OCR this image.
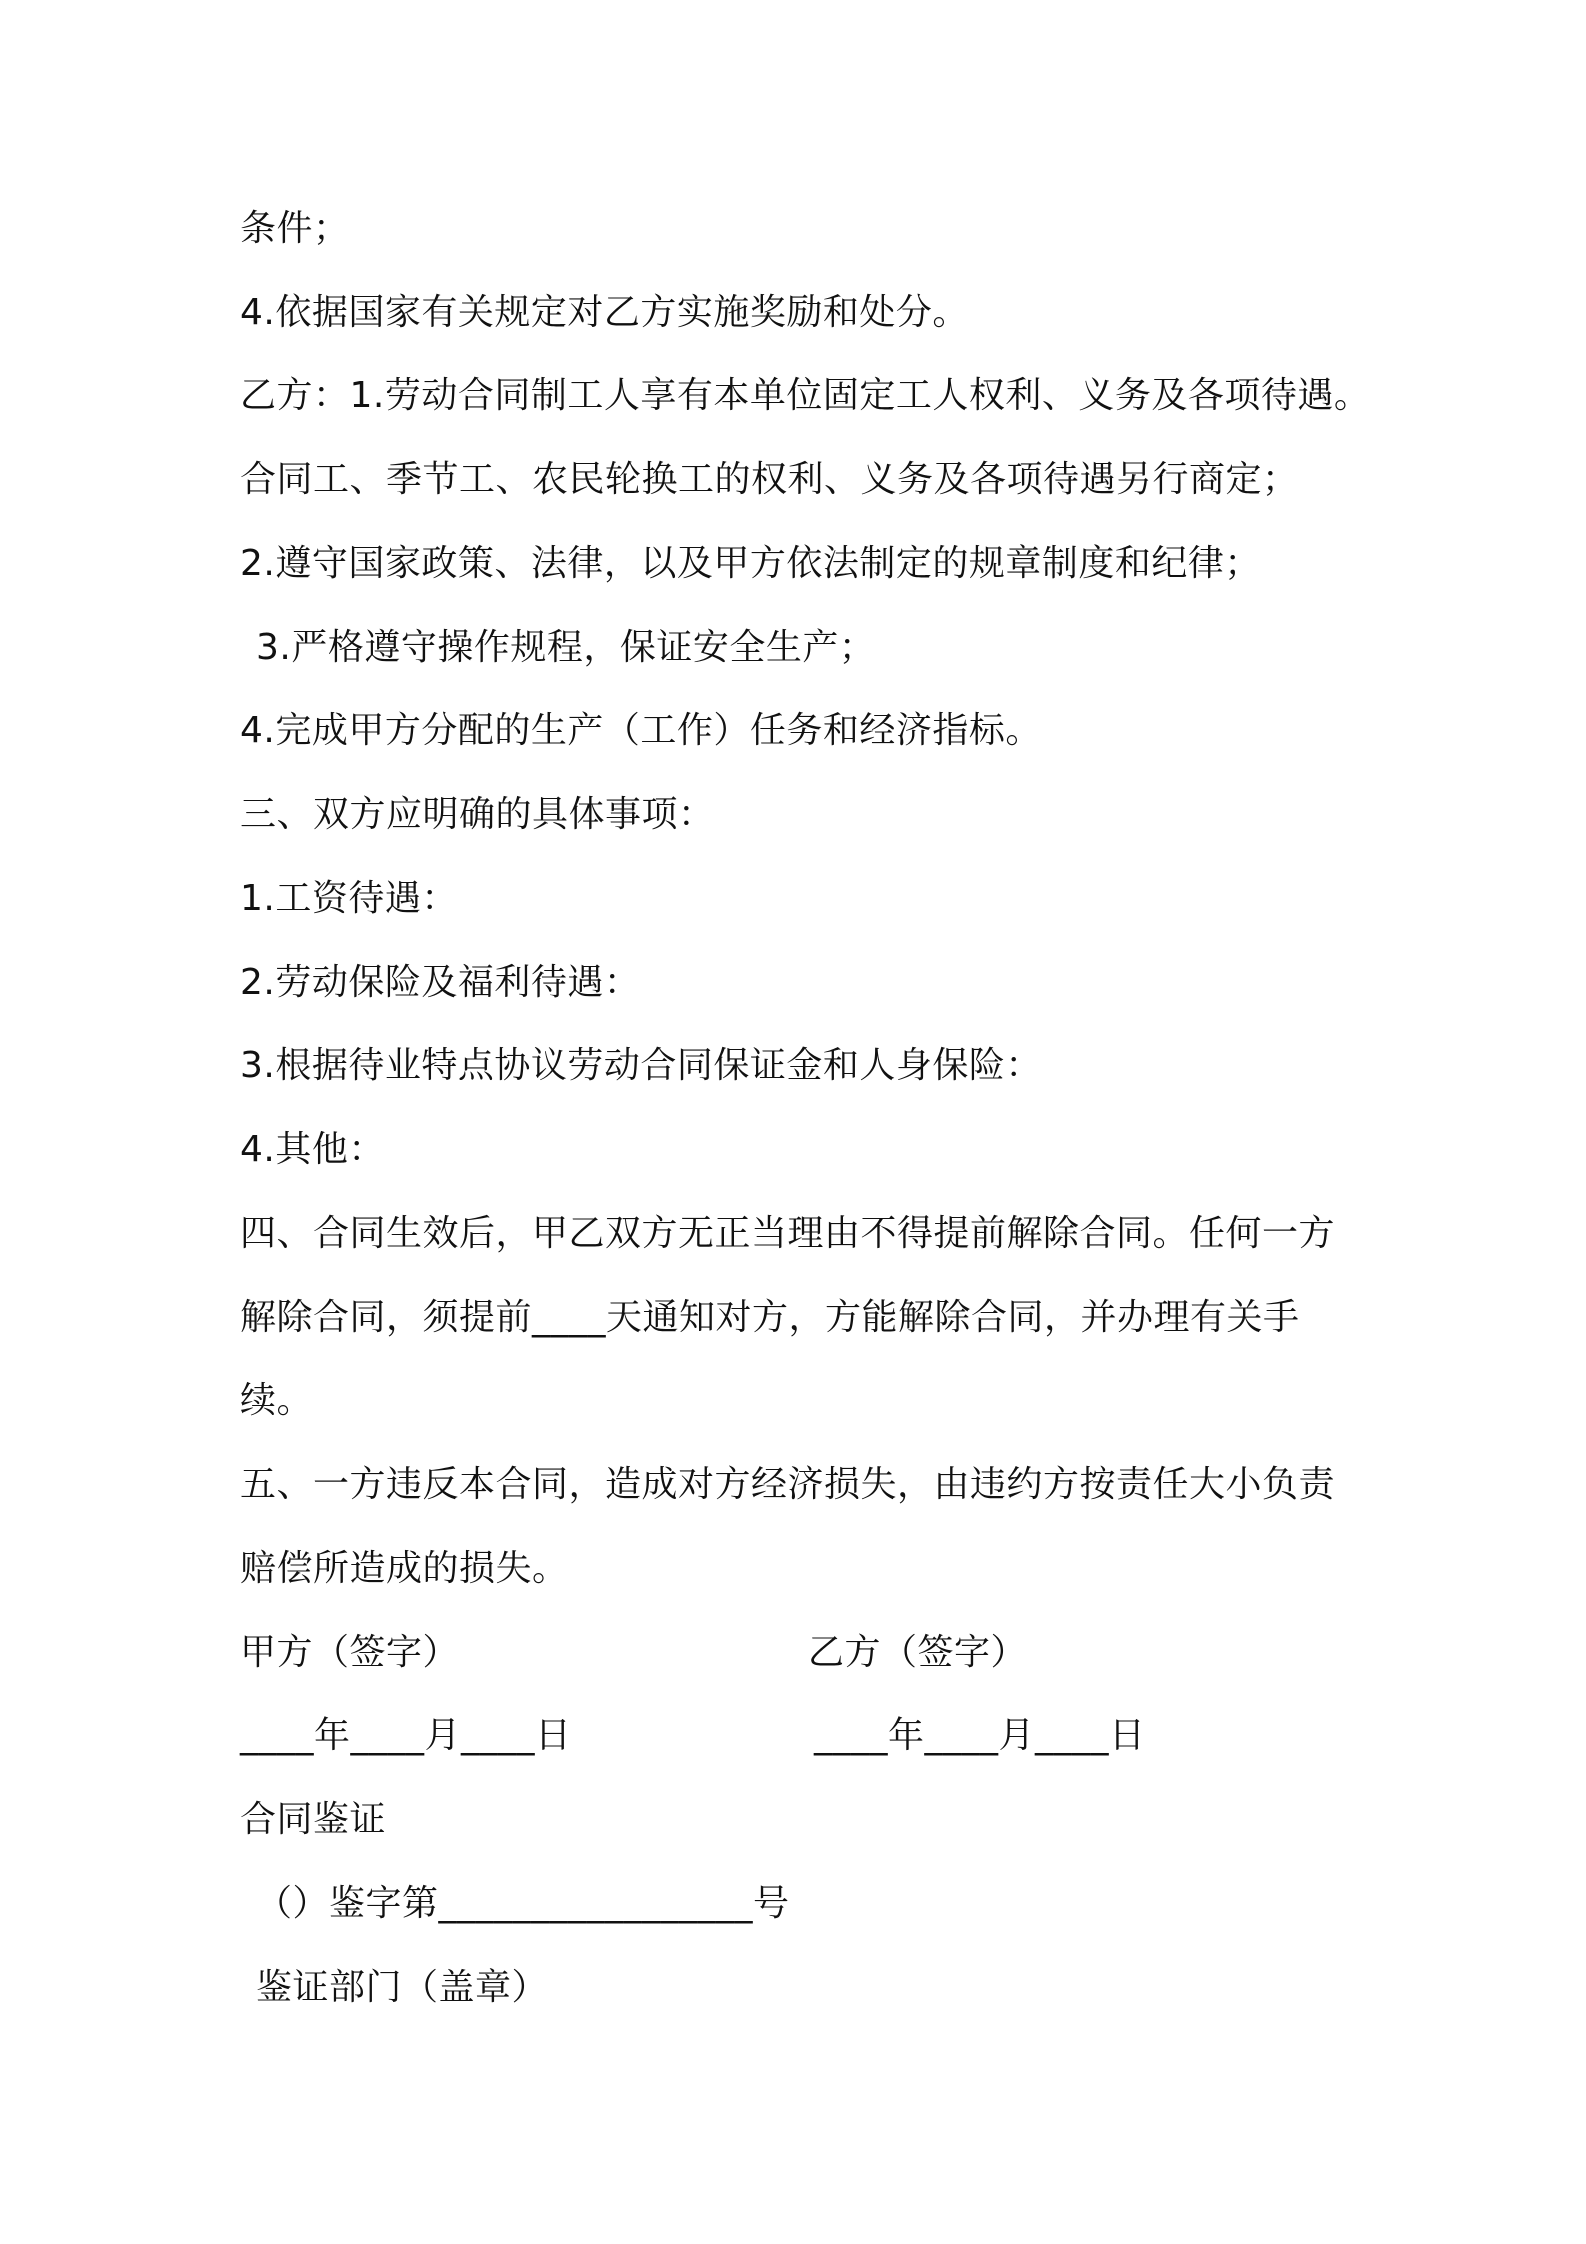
条件；
4.依据国家有关规定对乙方实施奖励和处分。
乙方：1.劳动合同制工人享有本单位固定工人权利、义务及各项待遇。
合同工、季节工、农民轮换工的权利、义务及各项待遇另行商定；
2.遵守国家政策、法律，以及甲方依法制定的规章制度和纪律；
3.严格遵守操作规程，保证安全生产；
4.完成甲方分配的生产（工作）任务和经济指标。
三、双方应明确的具体事项：
1.工资待遇：
2.劳动保险及福利待遇：
3.根据待业特点协议劳动合同保证金和人身保险：
4.其他：
四、合同生效后，甲乙双方无正当理由不得提前解除合同。任何一方
解除合同，须提前____天通知对方，方能解除合同，并办理有关手
续。
五、一方违反本合同，造成对方经济损失，由违约方按责任大小负责
赔偿所造成的损失。
甲方（签字）	乙方（签字）
____年____月____日	____年____月____日
合同鉴证
（）鉴字第_________________号
鉴证部门（盖章）
